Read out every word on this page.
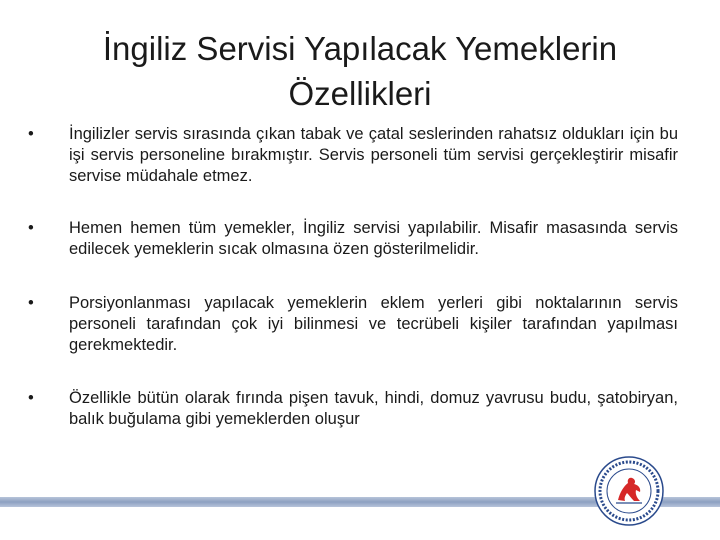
İngiliz Servisi Yapılacak Yemeklerin
Özellikleri
•	İngilizler servis sırasında çıkan tabak ve çatal seslerinden rahatsız oldukları için bu işi servis personeline bırakmıştır. Servis personeli tüm servisi gerçekleştirir misafir servise müdahale etmez.
•	Hemen hemen tüm yemekler, İngiliz servisi yapılabilir. Misafir masasında servis edilecek yemeklerin sıcak olmasına özen gösterilmelidir.
•	Porsiyonlanması yapılacak yemeklerin eklem yerleri gibi noktalarının servis personeli tarafından çok iyi bilinmesi ve tecrübeli kişiler tarafından yapılması gerekmektedir.
•	Özellikle bütün olarak fırında pişen tavuk, hindi, domuz yavrusu budu, şatobiryan, balık buğulama gibi yemeklerden oluşur
